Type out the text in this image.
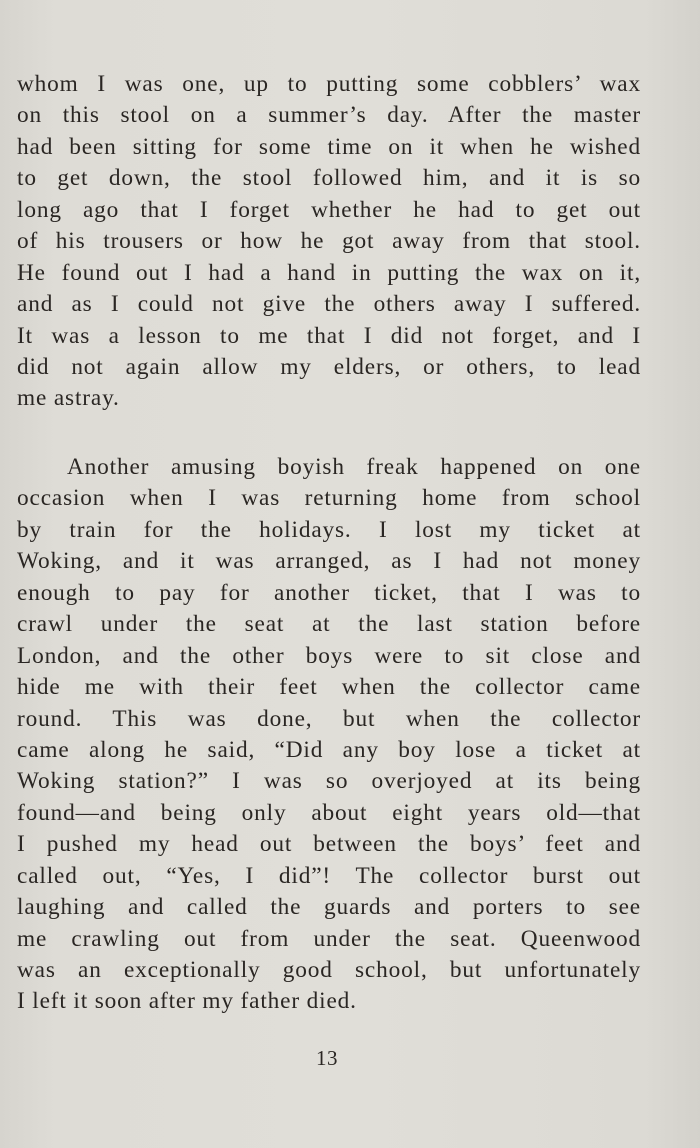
whom I was one, up to putting some cobblers’ wax
on this stool on a summer’s day. After the master
had been sitting for some time on it when he wished
to get down, the stool followed him, and it is so
long ago that I forget whether he had to get out
of his trousers or how he got away from that stool.
He found out I had a hand in putting the wax on it,
and as I could not give the others away I suffered.
It was a lesson to me that I did not forget, and I
did not again allow my elders, or others, to lead
me astray.
Another amusing boyish freak happened on one
occasion when I was returning home from school
by train for the holidays. I lost my ticket at
Woking, and it was arranged, as I had not money
enough to pay for another ticket, that I was to
crawl under the seat at the last station before
London, and the other boys were to sit close and
hide me with their feet when the collector came
round. This was done, but when the collector
came along he said, “Did any boy lose a ticket at
Woking station?” I was so overjoyed at its being
found—and being only about eight years old—that
I pushed my head out between the boys’ feet and
called out, “Yes, I did”! The collector burst out
laughing and called the guards and porters to see
me crawling out from under the seat. Queenwood
was an exceptionally good school, but unfortunately
I left it soon after my father died.
13
